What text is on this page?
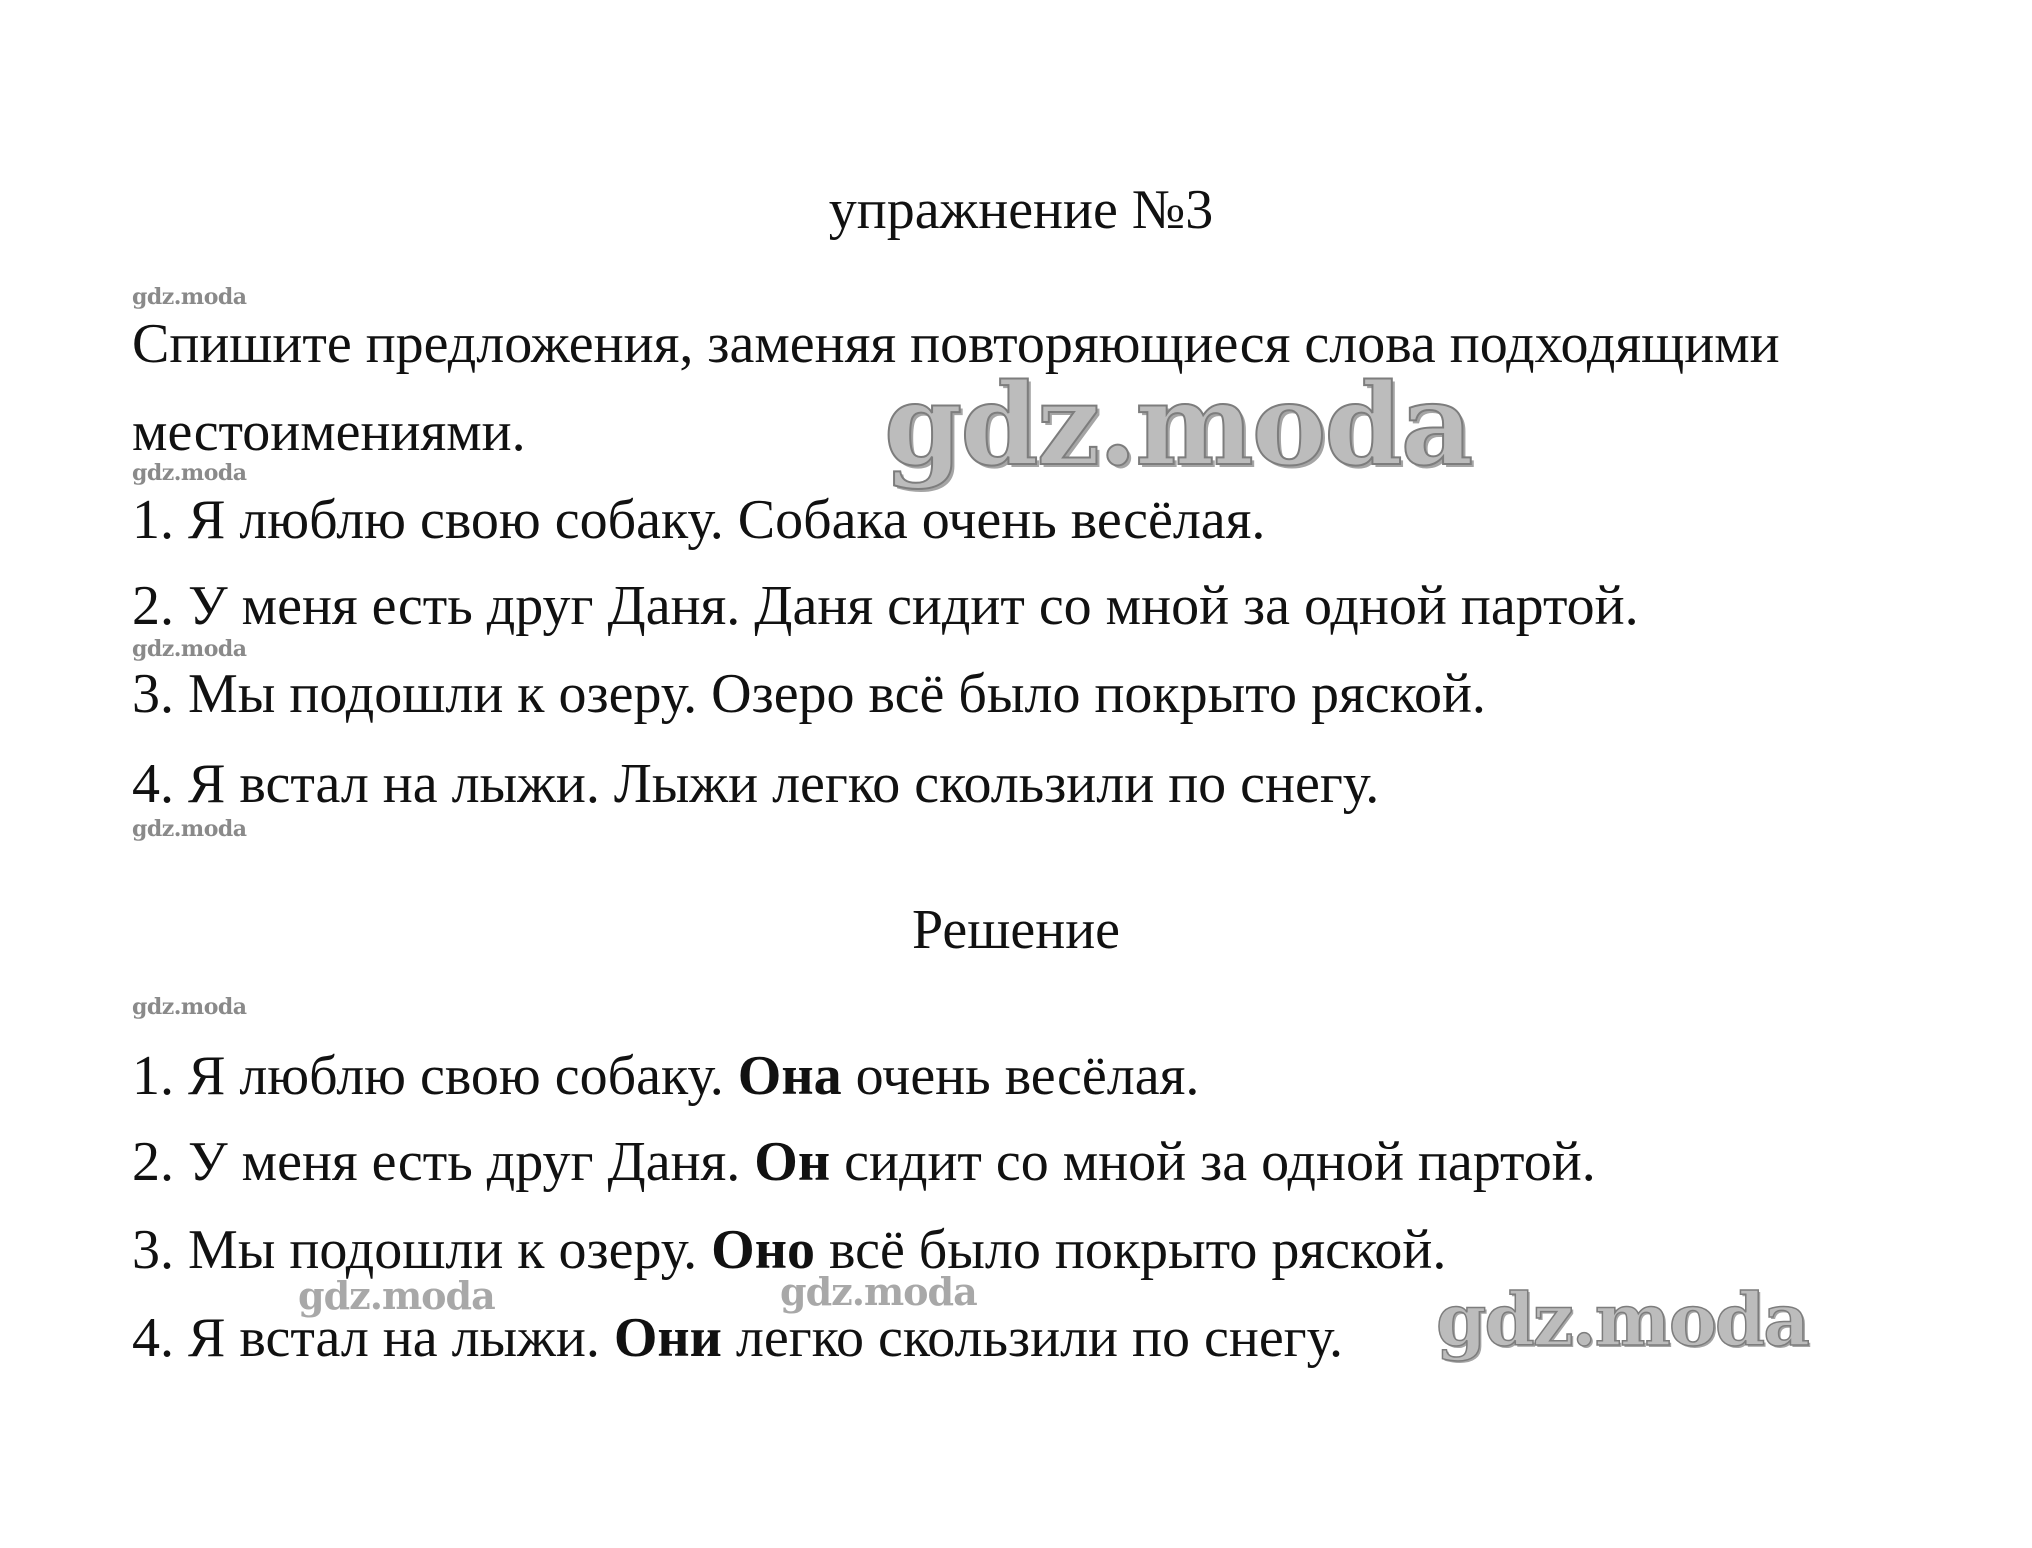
упражнение №3
gdz.moda
Спишите предложения, заменяя повторяющиеся слова подходящими
местоимениями.	gdz.moda
gdz.moda
1. Я люблю свою собаку. Собака очень весёлая.
2. У меня есть друг Даня. Даня сидит со мной за одной партой.
gdz.moda
3. Мы подошли к озеру. Озеро всё было покрыто ряской.
4. Я встал на лыжи. Лыжи легко скользили по снегу.
gdz.moda
Решение
gdz.moda
1. Я люблю свою собаку. Она очень весёлая.
2. У меня есть друг Даня. Он сидит со мной за одной партой.
3. Мы подошли к озеру. Оно всё было покрыто ряской.
4. Я встал на лыжи. Они легко скользили по снегу.
gdz.moda	gdz.moda	gdz.moda
